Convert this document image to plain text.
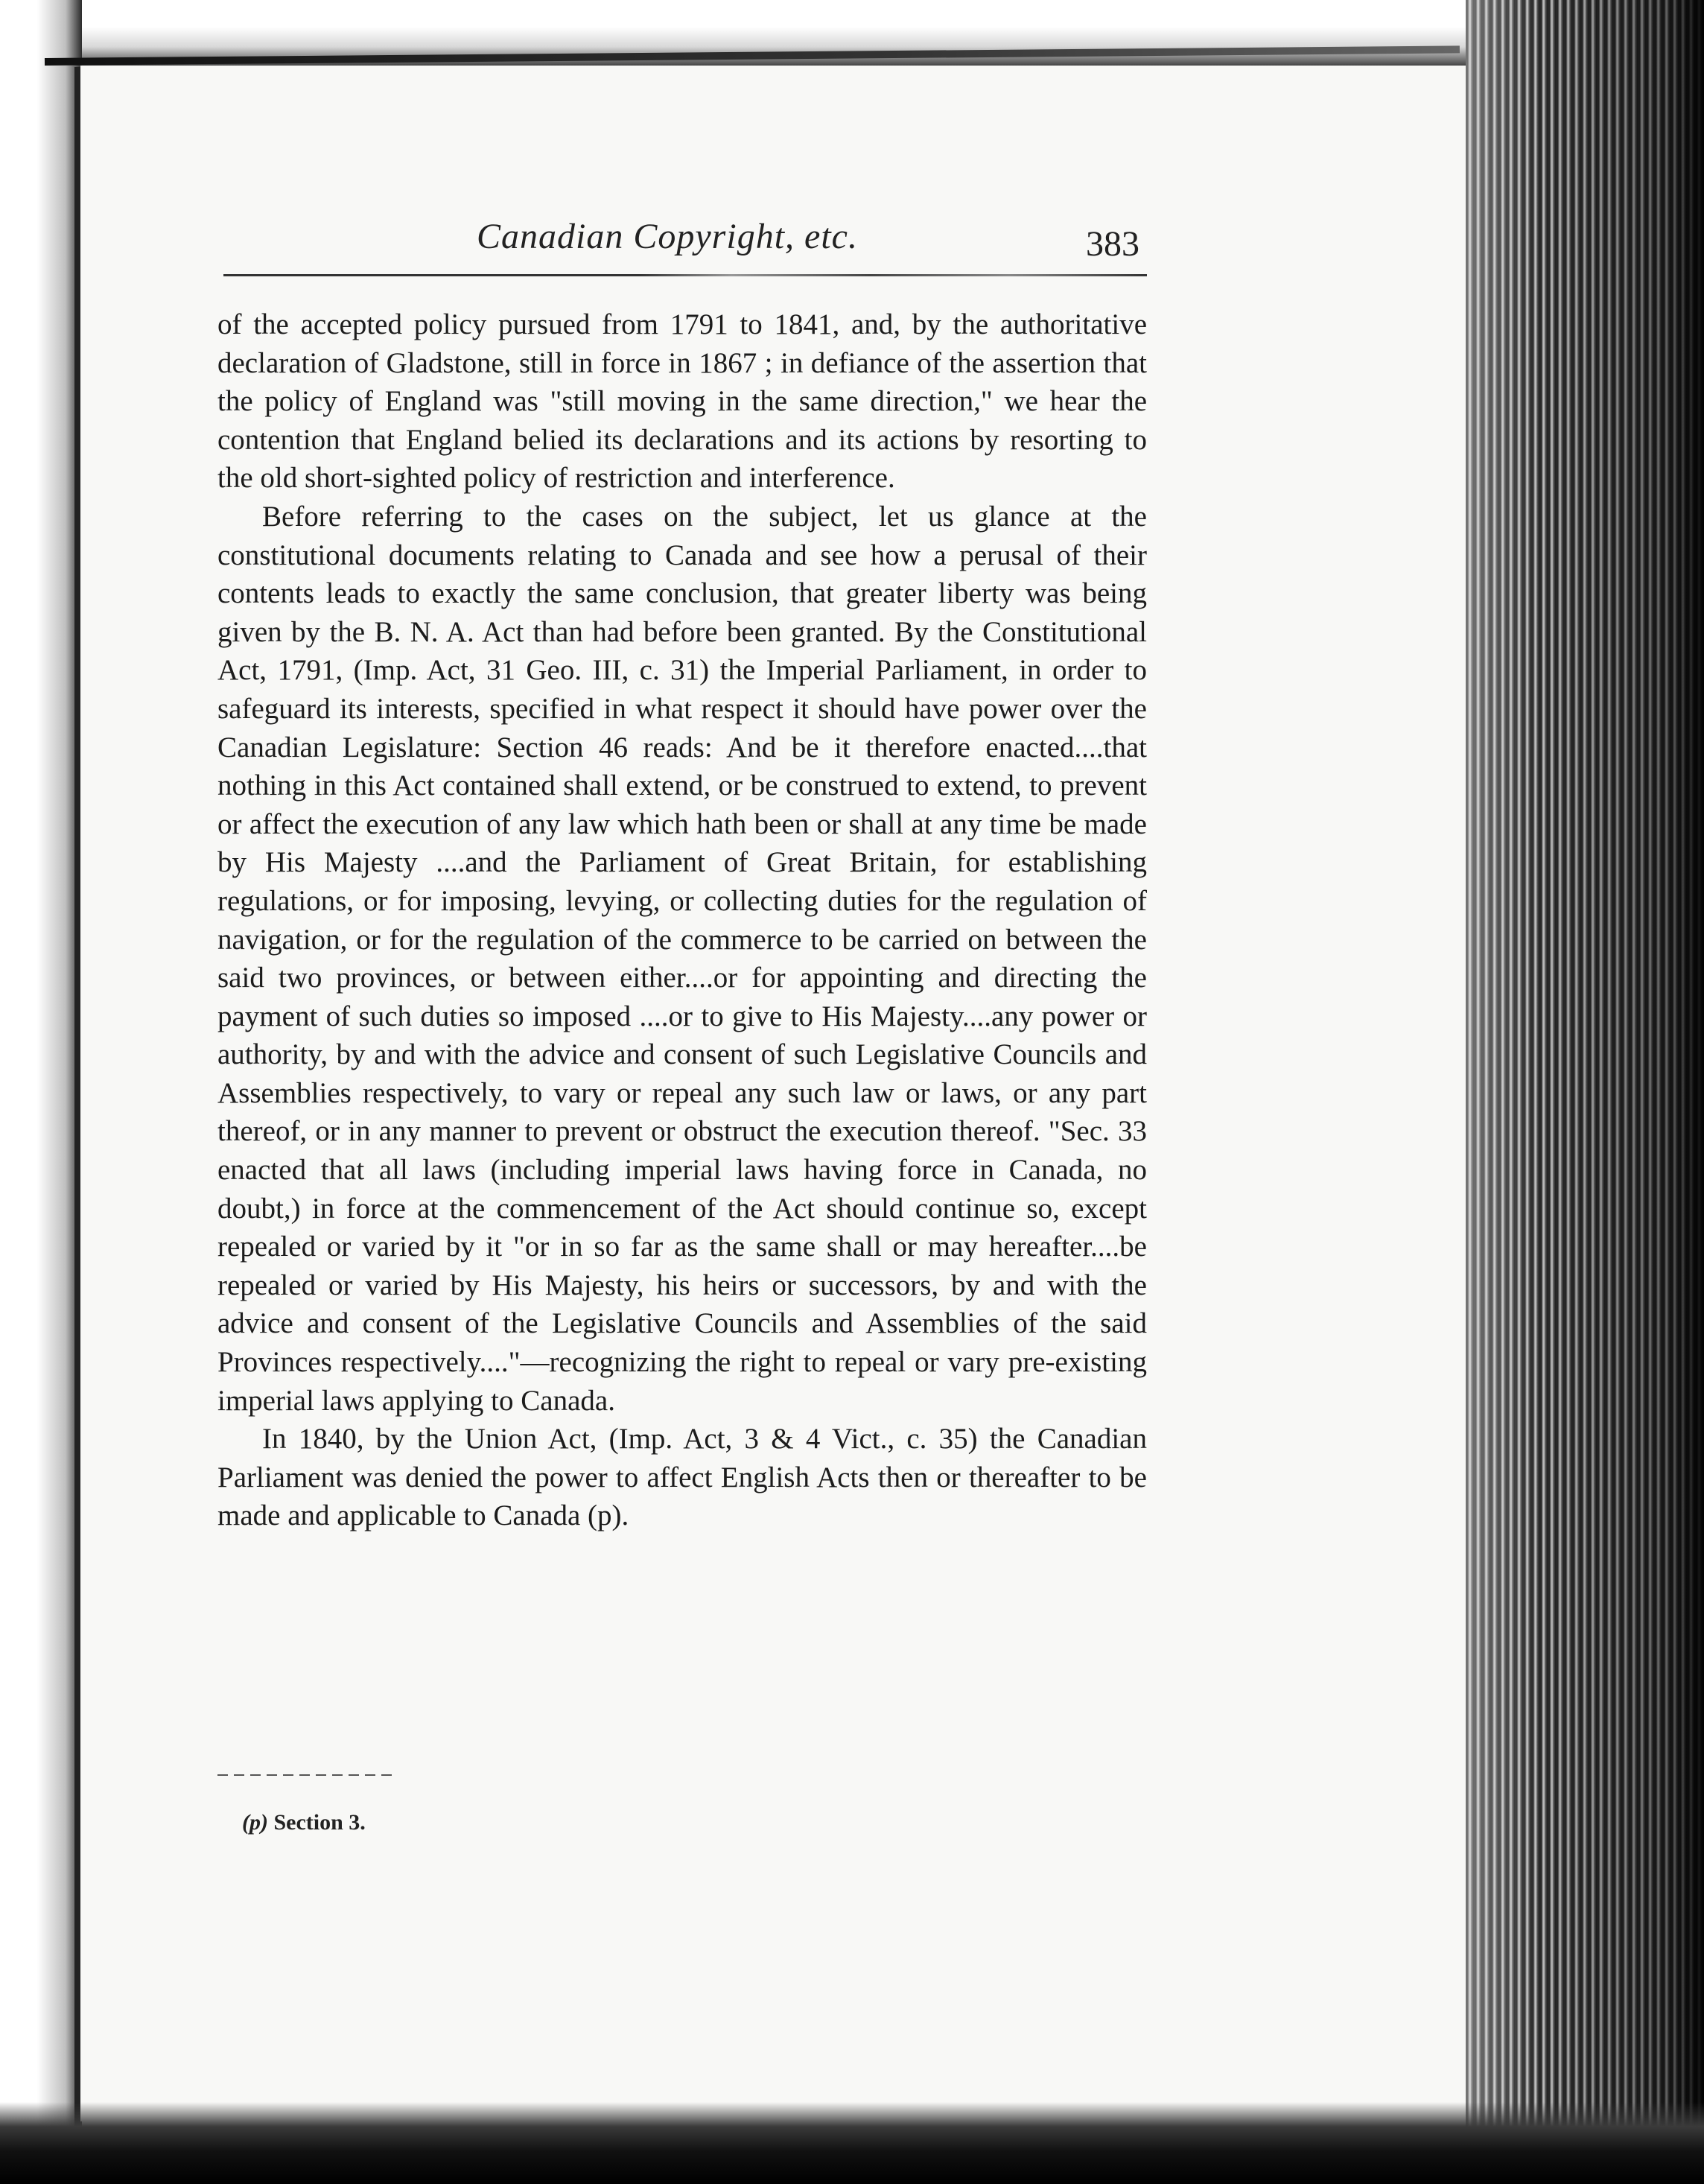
Canadian Copyright, etc.	383

of the accepted policy pursued from 1791 to 1841, and, by the authoritative declaration of Gladstone, still in force in 1867 ; in defiance of the assertion that the policy of England was "still moving in the same direction," we hear the contention that England belied its declarations and its actions by resorting to the old short-sighted policy of restriction and interference.

Before referring to the cases on the subject, let us glance at the constitutional documents relating to Canada and see how a perusal of their contents leads to exactly the same conclusion, that greater liberty was being given by the B. N. A. Act than had before been granted. By the Constitutional Act, 1791, (Imp. Act, 31 Geo. III, c. 31) the Imperial Parliament, in order to safeguard its interests, specified in what respect it should have power over the Canadian Legislature: Section 46 reads: And be it therefore enacted....that nothing in this Act contained shall extend, or be construed to extend, to prevent or affect the execution of any law which hath been or shall at any time be made by His Majesty ....and the Parliament of Great Britain, for establishing regulations, or for imposing, levying, or collecting duties for the regulation of navigation, or for the regulation of the commerce to be carried on between the said two provinces, or between either....or for appointing and directing the payment of such duties so imposed ....or to give to His Majesty....any power or authority, by and with the advice and consent of such Legislative Councils and Assemblies respectively, to vary or repeal any such law or laws, or any part thereof, or in any manner to prevent or obstruct the execution thereof. "Sec. 33 enacted that all laws (including imperial laws having force in Canada, no doubt,) in force at the commencement of the Act should continue so, except repealed or varied by it "or in so far as the same shall or may hereafter....be repealed or varied by His Majesty, his heirs or successors, by and with the advice and consent of the Legislative Councils and Assemblies of the said Provinces respectively...."—recognizing the right to repeal or vary pre-existing imperial laws applying to Canada.

In 1840, by the Union Act, (Imp. Act, 3 & 4 Vict., c. 35) the Canadian Parliament was denied the power to affect English Acts then or thereafter to be made and applicable to Canada (p).

(p) Section 3.
